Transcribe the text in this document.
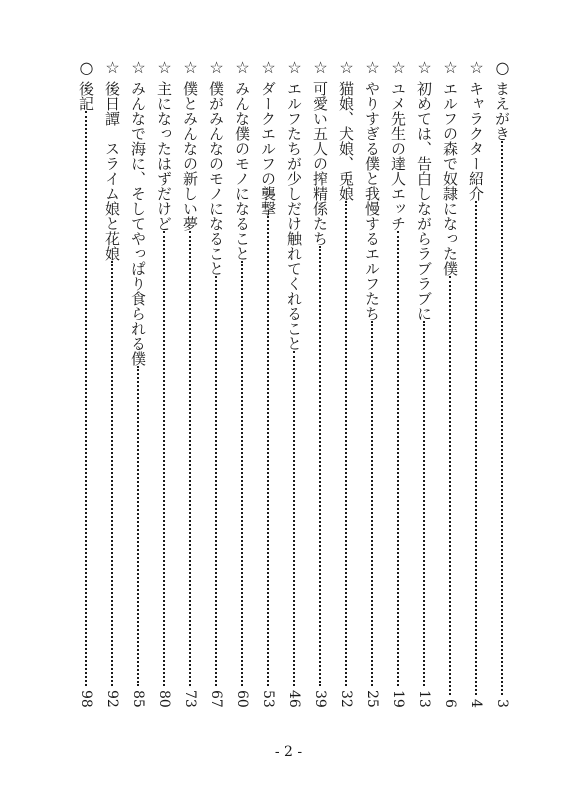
○
まえがき
3
☆
キャラクター紹介
4
☆
エルフの森で奴隷になった僕
6
☆
初めては、告白しながらラブラブに
13
☆
ユメ先生の達人エッチ
19
☆
やりすぎる僕と我慢するエルフたち
25
☆
猫娘、犬娘、兎娘
32
☆
可愛い五人の搾精係たち
39
☆
エルフたちが少しだけ触れてくれること
46
☆
ダークエルフの襲撃
53
☆
みんな僕のモノになること
60
☆
僕がみんなのモノになること
67
☆
僕とみんなの新しい夢
73
☆
主になったはずだけど
80
☆
みんなで海に、そしてやっぱり食られる僕
85
☆
後日譚　スライム娘と花娘
92
○
後記
98
- 2 -
